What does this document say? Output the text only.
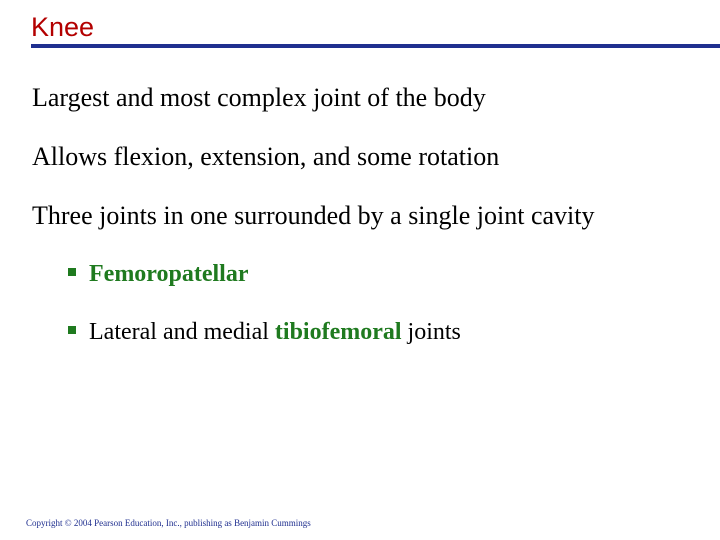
Knee
Largest and most complex joint of the body
Allows flexion, extension, and some rotation
Three joints in one surrounded by a single joint cavity
Femoropatellar
Lateral and medial tibiofemoral joints
Copyright © 2004 Pearson Education, Inc., publishing as Benjamin Cummings
